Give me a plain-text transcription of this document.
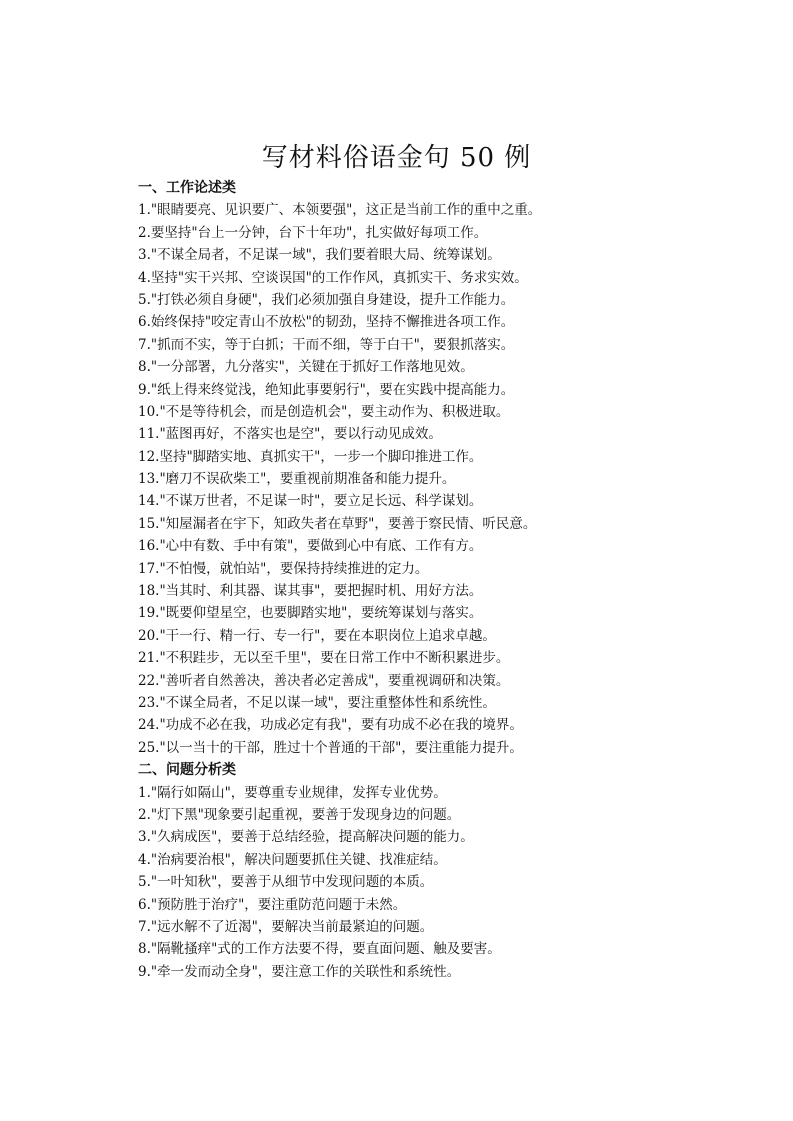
写材料俗语金句 50 例
一、工作论述类
1."眼睛要亮、见识要广、本领要强"，这正是当前工作的重中之重。
2.要坚持"台上一分钟，台下十年功"，扎实做好每项工作。
3."不谋全局者，不足谋一域"，我们要着眼大局、统筹谋划。
4.坚持"实干兴邦、空谈误国"的工作作风，真抓实干、务求实效。
5."打铁必须自身硬"，我们必须加强自身建设，提升工作能力。
6.始终保持"咬定青山不放松"的韧劲，坚持不懈推进各项工作。
7."抓而不实，等于白抓；干而不细，等于白干"，要狠抓落实。
8."一分部署，九分落实"，关键在于抓好工作落地见效。
9."纸上得来终觉浅，绝知此事要躬行"，要在实践中提高能力。
10."不是等待机会，而是创造机会"，要主动作为、积极进取。
11."蓝图再好，不落实也是空"，要以行动见成效。
12.坚持"脚踏实地、真抓实干"，一步一个脚印推进工作。
13."磨刀不误砍柴工"，要重视前期准备和能力提升。
14."不谋万世者，不足谋一时"，要立足长远、科学谋划。
15."知屋漏者在宇下，知政失者在草野"，要善于察民情、听民意。
16."心中有数、手中有策"，要做到心中有底、工作有方。
17."不怕慢，就怕站"，要保持持续推进的定力。
18."当其时、利其器、谋其事"，要把握时机、用好方法。
19."既要仰望星空，也要脚踏实地"，要统筹谋划与落实。
20."干一行、精一行、专一行"，要在本职岗位上追求卓越。
21."不积跬步，无以至千里"，要在日常工作中不断积累进步。
22."善听者自然善决，善决者必定善成"，要重视调研和决策。
23."不谋全局者，不足以谋一域"，要注重整体性和系统性。
24."功成不必在我，功成必定有我"，要有功成不必在我的境界。
25."以一当十的干部，胜过十个普通的干部"，要注重能力提升。
二、问题分析类
1."隔行如隔山"，要尊重专业规律，发挥专业优势。
2."灯下黑"现象要引起重视，要善于发现身边的问题。
3."久病成医"，要善于总结经验，提高解决问题的能力。
4."治病要治根"，解决问题要抓住关键、找准症结。
5."一叶知秋"，要善于从细节中发现问题的本质。
6."预防胜于治疗"，要注重防范问题于未然。
7."远水解不了近渴"，要解决当前最紧迫的问题。
8."隔靴搔痒"式的工作方法要不得，要直面问题、触及要害。
9."牵一发而动全身"，要注意工作的关联性和系统性。
